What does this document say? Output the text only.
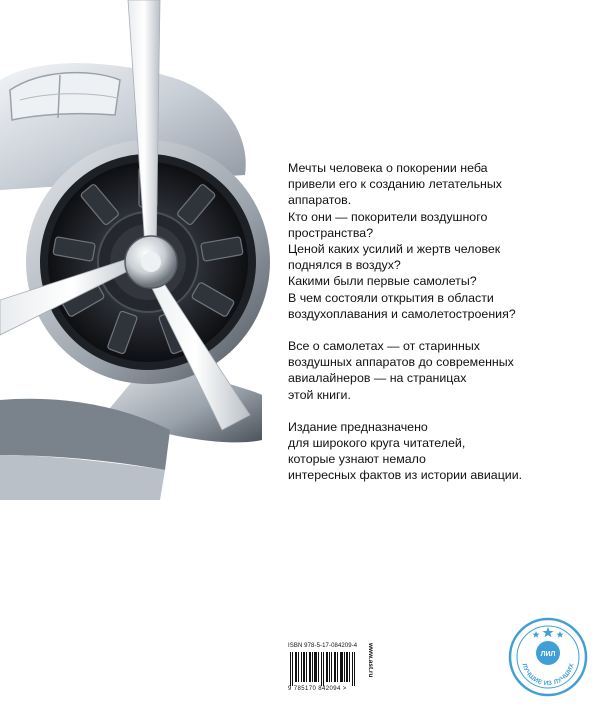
Мечты человека о покорении неба
привели его к созданию летательных
аппаратов.
Кто они — покорители воздушного
пространства?
Ценой каких усилий и жертв человек
поднялся в воздух?
Какими были первые самолеты?
В чем состояли открытия в области
воздухоплавания и самолетостроения?

Все о самолетах — от старинных
воздушных аппаратов до современных
авиалайнеров — на страницах
этой книги.

Издание предназначено
для широкого круга читателей,
которые узнают немало
интересных фактов из истории авиации.

ISBN 978-5-17-084209-4
9 785170 842094 >
www.ast.ru	ЛИЛ
ЛУЧШИЕ ИЗ ЛУЧШИХ
